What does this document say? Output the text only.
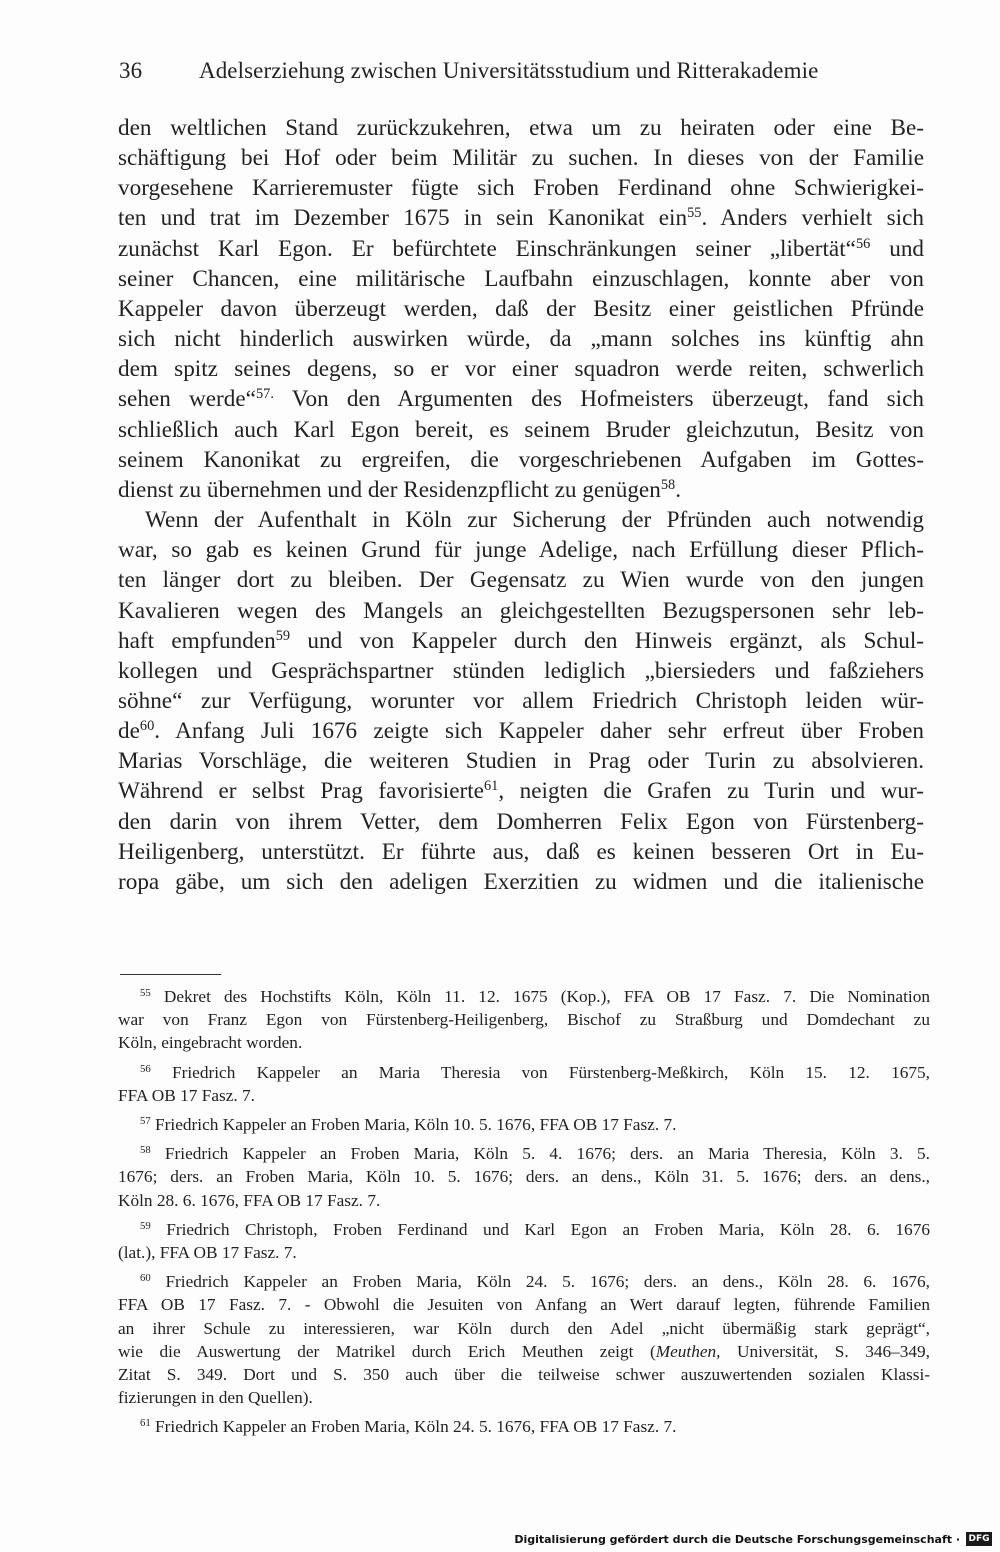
36 Adelserziehung zwischen Universitätsstudium und Ritterakademie
den weltlichen Stand zurückzukehren, etwa um zu heiraten oder eine Be-
schäftigung bei Hof oder beim Militär zu suchen. In dieses von der Familie
vorgesehene Karrieremuster fügte sich Froben Ferdinand ohne Schwierigkei-
ten und trat im Dezember 1675 in sein Kanonikat ein$^{55}$. Anders verhielt sich
zunächst Karl Egon. Er befürchtete Einschränkungen seiner „libertät“$^{56}$ und
seiner Chancen, eine militärische Laufbahn einzuschlagen, konnte aber von
Kappeler davon überzeugt werden, daß der Besitz einer geistlichen Pfründe
sich nicht hinderlich auswirken würde, da „mann solches ins künftig ahn
dem spitz seines degens, so er vor einer squadron werde reiten, schwerlich
sehen werde“$^{57.}$ Von den Argumenten des Hofmeisters überzeugt, fand sich
schließlich auch Karl Egon bereit, es seinem Bruder gleichzutun, Besitz von
seinem Kanonikat zu ergreifen, die vorgeschriebenen Aufgaben im Gottes-
dienst zu übernehmen und der Residenzpflicht zu genügen$^{58}$.
Wenn der Aufenthalt in Köln zur Sicherung der Pfründen auch notwendig
war, so gab es keinen Grund für junge Adelige, nach Erfüllung dieser Pflich-
ten länger dort zu bleiben. Der Gegensatz zu Wien wurde von den jungen
Kavalieren wegen des Mangels an gleichgestellten Bezugspersonen sehr leb-
haft empfunden$^{59}$ und von Kappeler durch den Hinweis ergänzt, als Schul-
kollegen und Gesprächspartner stünden lediglich „biersieders und faßziehers
söhne“ zur Verfügung, worunter vor allem Friedrich Christoph leiden wür-
$de^{60}$. Anfang Juli 1676 zeigte sich Kappeler daher sehr erfreut über Froben
Marias Vorschläge, die weiteren Studien in Prag oder Turin zu absolvieren.
Während er selbst Prag favorisierte$^{61}$, neigten die Grafen zu Turin und wur-
den darin von ihrem Vetter, dem Domherren Felix Egon von Fürstenberg-
Heiligenberg, unterstützt. Er führte aus, daß es keinen besseren Ort in Eu-
ropa gäbe, um sich den adeligen Exerzitien zu widmen und die italienische
$^{55}$ Dekret des Hochstifts Köln, Köln 11. 12. 1675 (Kop.), FFA OB 17 Fasz. 7. Die Nomination
war von Franz Egon von Fürstenberg-Heiligenberg, Bischof zu Straßburg und Domdechant zu
Köln, eingebracht worden.
$^{56}$ Friedrich Kappeler an Maria Theresia von Fürstenberg-Meßkirch, Köln 15. 12. 1675,
FFA OB 17 Fasz. 7.
$^{57}$ Friedrich Kappeler an Froben Maria, Köln 10. 5. 1676, FFA OB 17 Fasz. 7.
$^{58}$ Friedrich Kappeler an Froben Maria, Köln 5. 4. 1676; ders. an Maria Theresia, Köln 3. 5.
1676; ders. an Froben Maria, Köln 10. 5. 1676; ders. an dens., Köln 31. 5. 1676; ders. an dens.,
Köln 28. 6. 1676, FFA OB 17 Fasz. 7.
$^{59}$ Friedrich Christoph, Froben Ferdinand und Karl Egon an Froben Maria, Köln 28. 6. 1676
(lat.), FFA OB 17 Fasz. 7.
$^{60}$ Friedrich Kappeler an Froben Maria, Köln 24. 5. 1676; ders. an dens., Köln 28. 6. 1676,
FFA OB 17 Fasz. 7. - Obwohl die Jesuiten von Anfang an Wert darauf legten, führende Familien
an ihrer Schule zu interessieren, war Köln durch den Adel „nicht übermäßig stark geprägt“,
wie die Auswertung der Matrikel durch Erich Meuthen zeigt (Meuthen, Universität, S. 346–349,
Zitat S. 349. Dort und S. 350 auch über die teilweise schwer auszuwertenden sozialen Klassi-
fizierungen in den Quellen).
$^{61}$ Friedrich Kappeler an Froben Maria, Köln 24. 5. 1676, FFA OB 17 Fasz. 7.
Digitalisierung gefördert durch die Deutsche Forschungsgemeinschaft · DFG
